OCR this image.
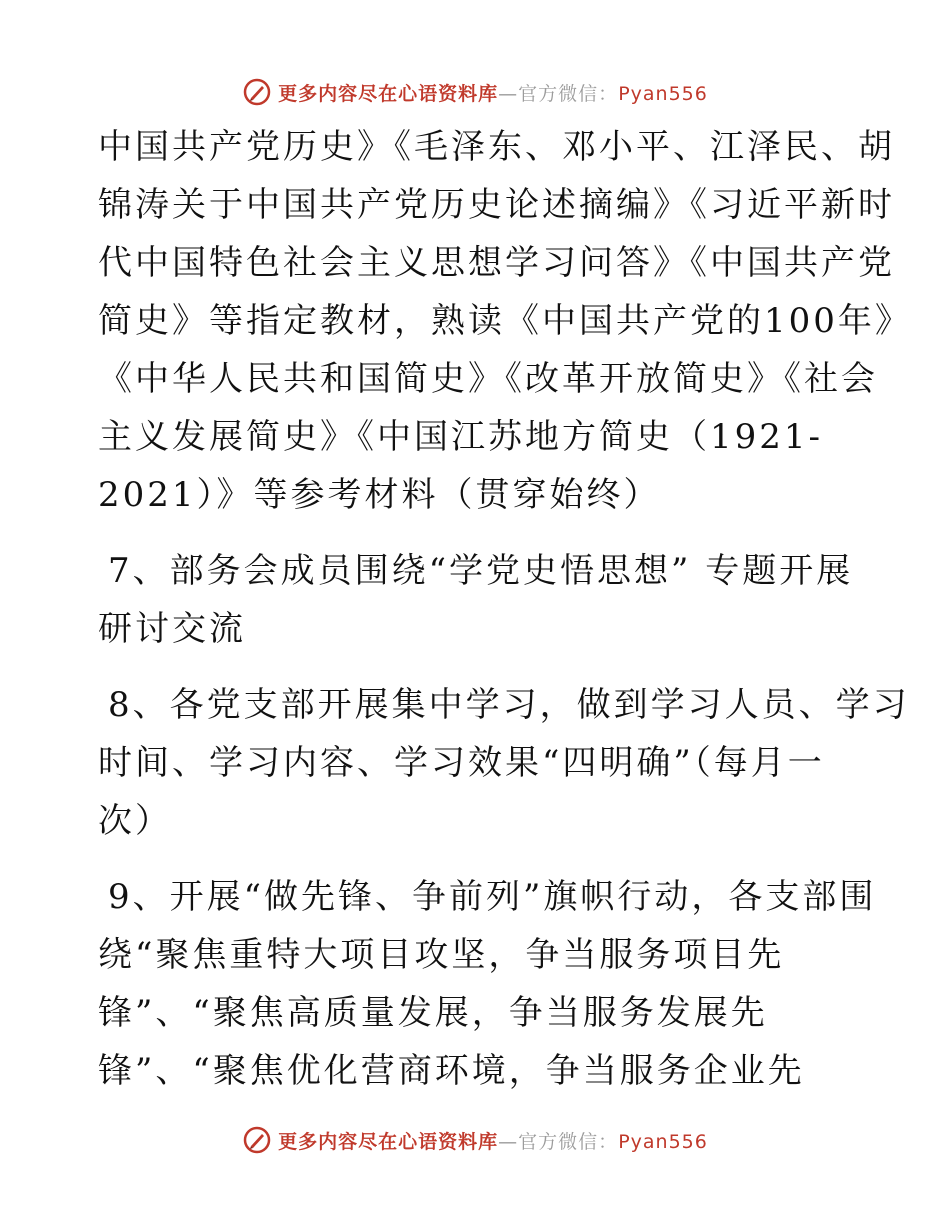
更多内容尽在心语资料库—官方微信：Pyan556
中国共产党历史》《毛泽东、邓小平、江泽民、胡
锦涛关于中国共产党历史论述摘编》《习近平新时
代中国特色社会主义思想学习问答》《中国共产党
简史》等指定教材，熟读《中国共产党的100年》
《中华人民共和国简史》《改革开放简史》《社会
主义发展简史》《中国江苏地方简史（1921-
2021）》等参考材料（贯穿始终）
7、部务会成员围绕“学党史悟思想” 专题开展
研讨交流
8、各党支部开展集中学习，做到学习人员、学习
时间、学习内容、学习效果“四明确”（每月一
次）
9、开展“做先锋、争前列”旗帜行动，各支部围
绕“聚焦重特大项目攻坚，争当服务项目先
锋”、“聚焦高质量发展，争当服务发展先
锋”、“聚焦优化营商环境，争当服务企业先
更多内容尽在心语资料库—官方微信：Pyan556
